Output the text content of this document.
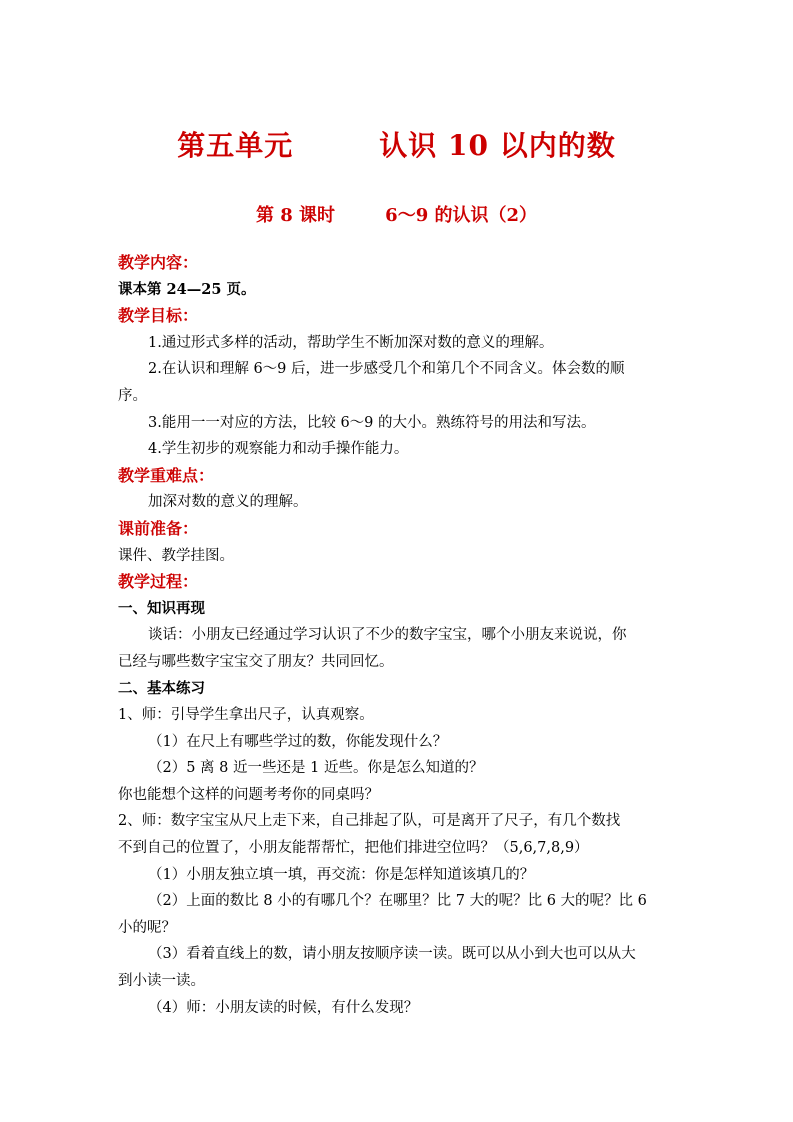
第五单元        认识 10 以内的数
第 8 课时        6～9 的认识（2）
教学内容：
课本第 24—25 页。
教学目标：
1.通过形式多样的活动，帮助学生不断加深对数的意义的理解。
2.在认识和理解 6～9 后，进一步感受几个和第几个不同含义。体会数的顺
序。
3.能用一一对应的方法，比较 6～9 的大小。熟练符号的用法和写法。
4.学生初步的观察能力和动手操作能力。
教学重难点：
加深对数的意义的理解。
课前准备：
课件、教学挂图。
教学过程：
一、知识再现
谈话：小朋友已经通过学习认识了不少的数字宝宝，哪个小朋友来说说，你
已经与哪些数字宝宝交了朋友？共同回忆。
二、基本练习
1、师：引导学生拿出尺子，认真观察。
（1）在尺上有哪些学过的数，你能发现什么？
（2）5 离 8 近一些还是 1 近些。你是怎么知道的？
你也能想个这样的问题考考你的同桌吗？
2、师：数字宝宝从尺上走下来，自己排起了队，可是离开了尺子，有几个数找
不到自己的位置了，小朋友能帮帮忙，把他们排进空位吗？（5,6,7,8,9）
（1）小朋友独立填一填，再交流：你是怎样知道该填几的？
（2）上面的数比 8 小的有哪几个？在哪里？比 7 大的呢？比 6 大的呢？比 6
小的呢？
（3）看着直线上的数，请小朋友按顺序读一读。既可以从小到大也可以从大
到小读一读。
（4）师：小朋友读的时候，有什么发现？
